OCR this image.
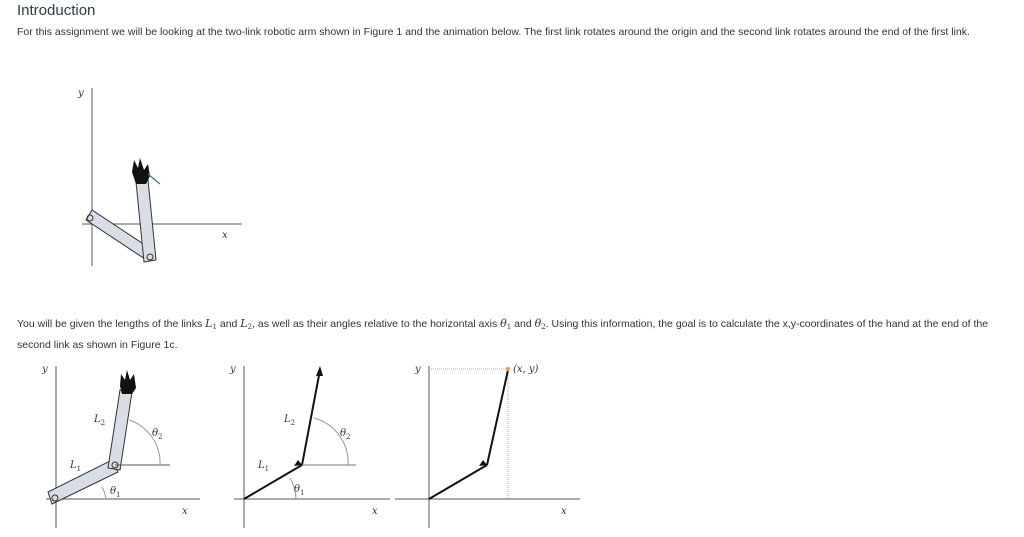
Introduction

For this assignment we will be looking at the two-link robotic arm shown in Figure 1 and the animation below. The first link rotates around the origin and the second link rotates around the end of the first link.

y
x

You will be given the lengths of the links $L_1$ and $L_2$, as well as their angles relative to the horizontal axis $\theta_1$ and $\theta_2$. Using this information, the goal is to calculate the x,y-coordinates of the hand at the end of the second link as shown in Figure 1c.

y
x
$L_2$
$L_1$
$\theta_2$
$\theta_1$
y
x
$L_2$
$L_1$
$\theta_2$
$\theta_1$
y
x
(x, y)
